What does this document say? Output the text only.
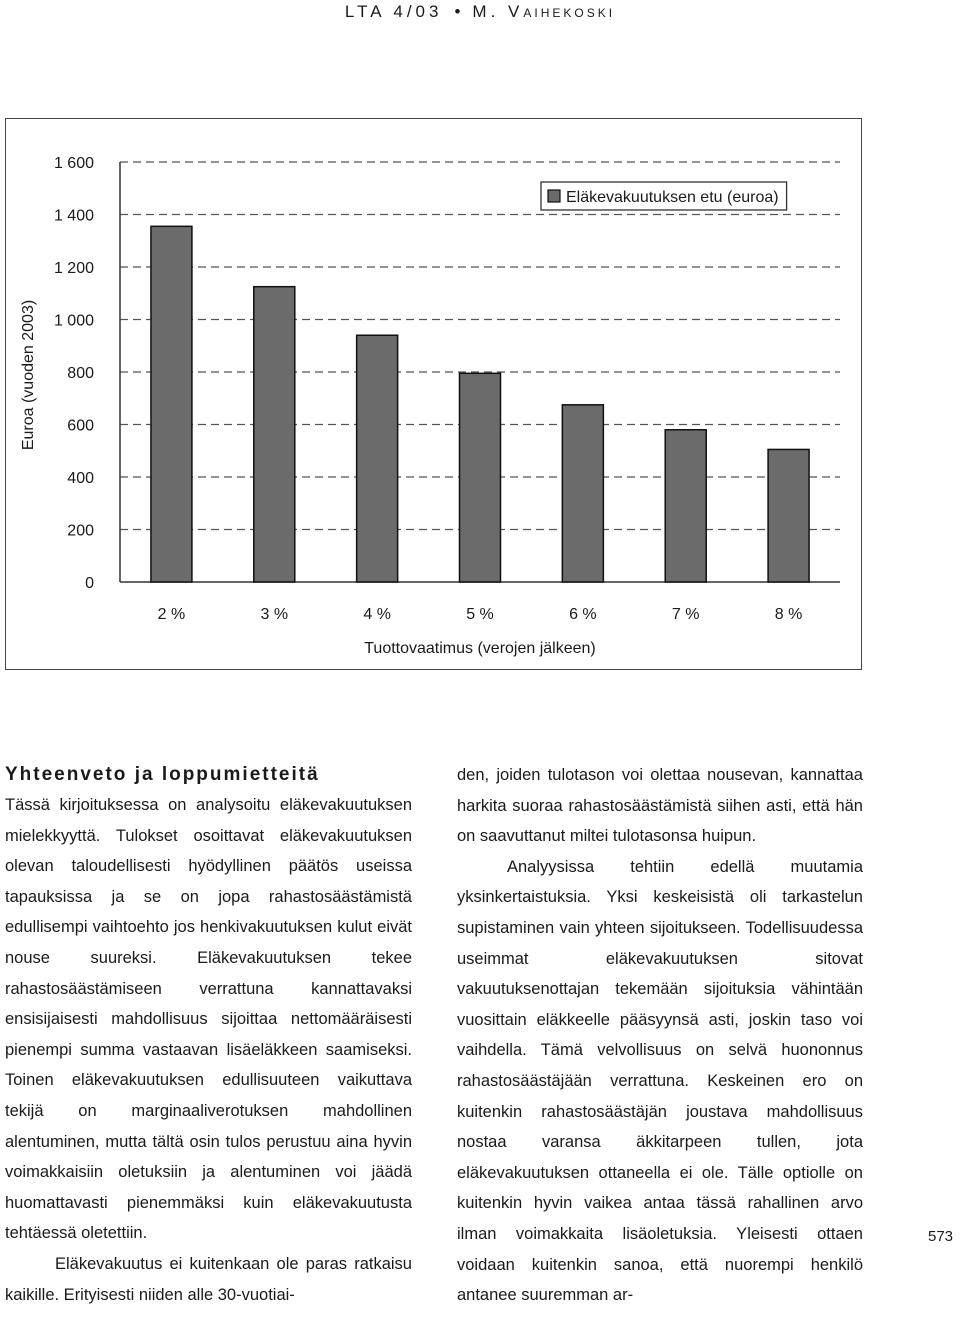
LTA 4/03 • M. VAIHEKOSKI
0
200
400
600
800
1 000
1 200
1 400
1 600
2 %	3 %	4 %	5 %	6 %	7 %	8 %
Tuottovaatimus (verojen jälkeen)
Euroa (vuoden 2003)
Eläkevakuutuksen etu (euroa)
Yhteenveto ja loppumietteitä

Tässä kirjoituksessa on analysoitu eläkevakuutuksen mielekkyyttä. Tulokset osoittavat eläkevakuutuksen olevan taloudellisesti hyödyllinen päätös useissa tapauksissa ja se on jopa rahastosäästämistä edullisempi vaihtoehto jos henkivakuutuksen kulut eivät nouse suureksi. Eläkevakuutuksen tekee rahastosäästämiseen verrattuna kannattavaksi ensisijaisesti mahdollisuus sijoittaa nettomääräisesti pienempi summa vastaavan lisäeläkkeen saamiseksi. Toinen eläkevakuutuksen edullisuuteen vaikuttava tekijä on marginaaliverotuksen mahdollinen alentuminen, mutta tältä osin tulos perustuu aina hyvin voimakkaisiin oletuksiin ja alentuminen voi jäädä huomattavasti pienemmäksi kuin eläkevakuutusta tehtäessä oletettiin.

Eläkevakuutus ei kuitenkaan ole paras ratkaisu kaikille. Erityisesti niiden alle 30-vuotiai-

den, joiden tulotason voi olettaa nousevan, kannattaa harkita suoraa rahastosäästämistä siihen asti, että hän on saavuttanut miltei tulotasonsa huipun.

Analyysissa tehtiin edellä muutamia yksinkertaistuksia. Yksi keskeisistä oli tarkastelun supistaminen vain yhteen sijoitukseen. Todellisuudessa useimmat eläkevakuutuksen sitovat vakuutuksenottajan tekemään sijoituksia vähintään vuosittain eläkkeelle pääsyynsä asti, joskin taso voi vaihdella. Tämä velvollisuus on selvä huononnus rahastosäästäjään verrattuna. Keskeinen ero on kuitenkin rahastosäästäjän joustava mahdollisuus nostaa varansa äkkitarpeen tullen, jota eläkevakuutuksen ottaneella ei ole. Tälle optiolle on kuitenkin hyvin vaikea antaa tässä rahallinen arvo ilman voimakkaita lisäoletuksia. Yleisesti ottaen voidaan kuitenkin sanoa, että nuorempi henkilö antanee suuremman ar-

573
